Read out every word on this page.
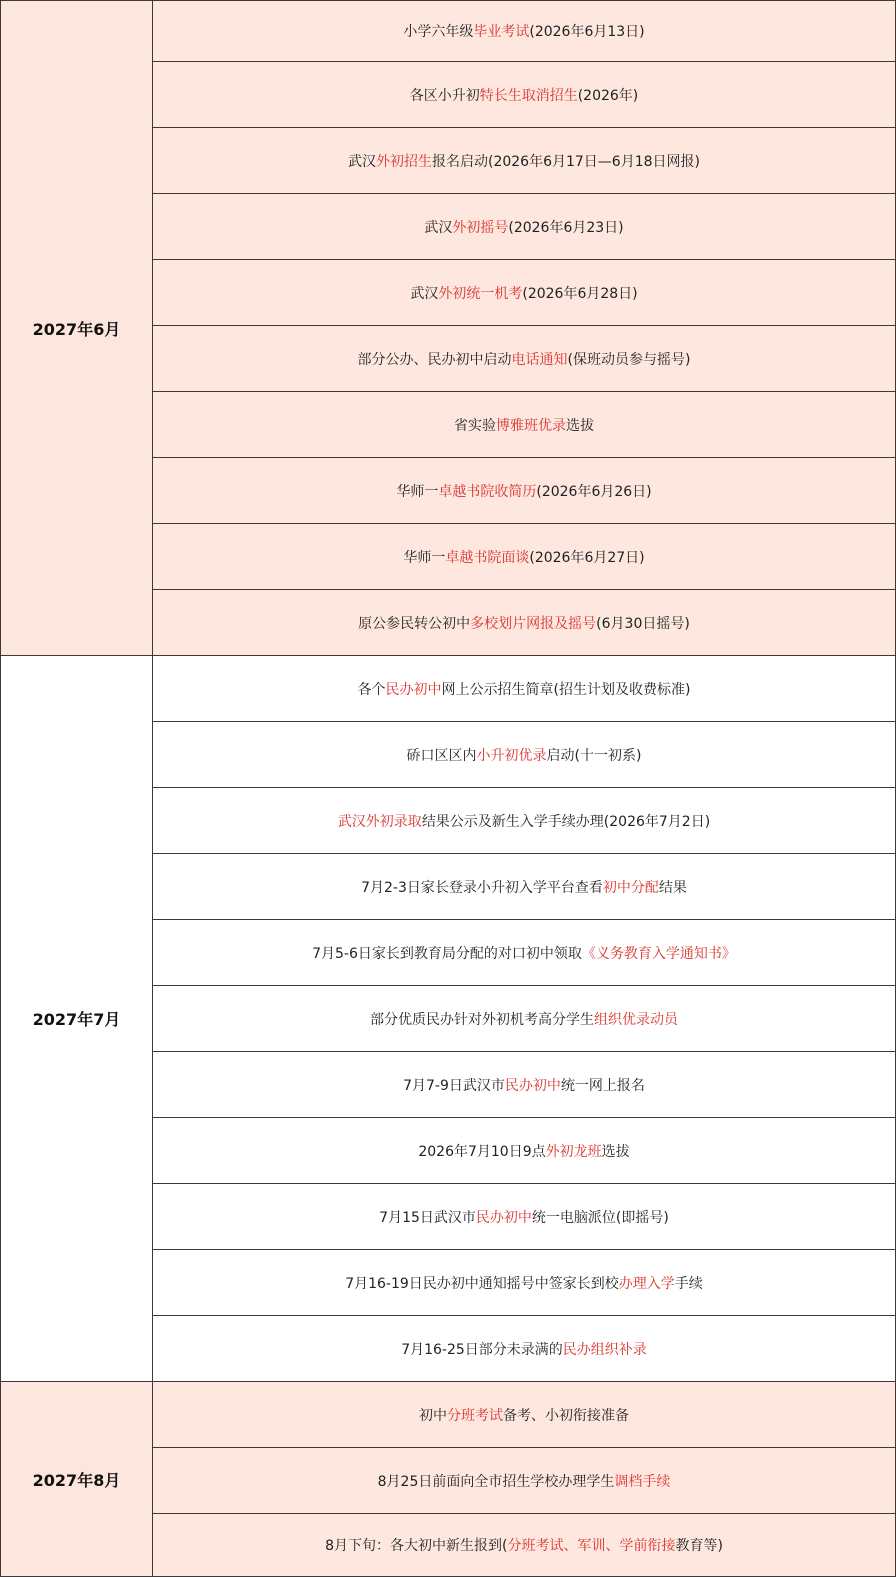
2027年6月	小学六年级毕业考试(2026年6月13日)
	各区小升初特长生取消招生(2026年)
	武汉外初招生报名启动(2026年6月17日—6月18日网报)
	武汉外初摇号(2026年6月23日)
	武汉外初统一机考(2026年6月28日)
	部分公办、民办初中启动电话通知(保班动员参与摇号)
	省实验博雅班优录选拔
	华师一卓越书院收简历(2026年6月26日)
	华师一卓越书院面谈(2026年6月27日)
	原公参民转公初中多校划片网报及摇号(6月30日摇号)
2027年7月	各个民办初中网上公示招生简章(招生计划及收费标准)
	硚口区区内小升初优录启动(十一初系)
	武汉外初录取结果公示及新生入学手续办理(2026年7月2日)
	7月2-3日家长登录小升初入学平台查看初中分配结果
	7月5-6日家长到教育局分配的对口初中领取《义务教育入学通知书》
	部分优质民办针对外初机考高分学生组织优录动员
	7月7-9日武汉市民办初中统一网上报名
	2026年7月10日9点外初龙班选拔
	7月15日武汉市民办初中统一电脑派位(即摇号)
	7月16-19日民办初中通知摇号中签家长到校办理入学手续
	7月16-25日部分未录满的民办组织补录
2027年8月	初中分班考试备考、小初衔接准备
	8月25日前面向全市招生学校办理学生调档手续
	8月下旬：各大初中新生报到(分班考试、军训、学前衔接教育等)
